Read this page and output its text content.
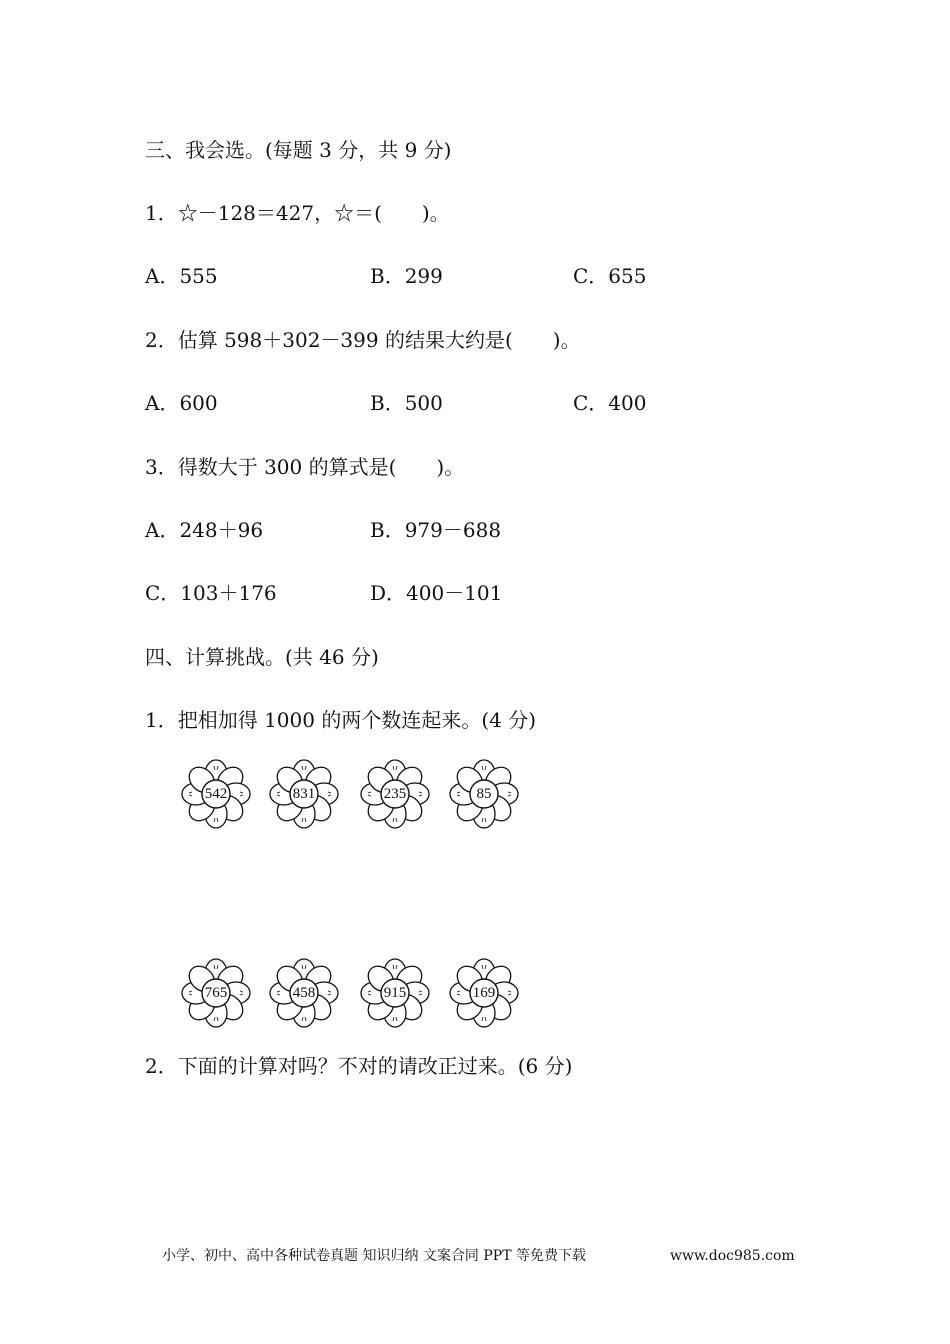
三、我会选。(每题 3 分，共 9 分)
1．☆－128＝427，☆＝(　　)。
A．555	B．299	C．655
2．估算 598＋302－399 的结果大约是(　　)。
A．600	B．500	C．400
3．得数大于 300 的算式是(　　)。
A．248＋96	B．979－688
C．103＋176	D．400－101
四、计算挑战。(共 46 分)
1．把相加得 1000 的两个数连起来。(4 分)
542	831	235	85
765	458	915	169
2．下面的计算对吗？不对的请改正过来。(6 分)
小学、初中、高中各种试卷真题 知识归纳 文案合同 PPT 等免费下载	www.doc985.com
